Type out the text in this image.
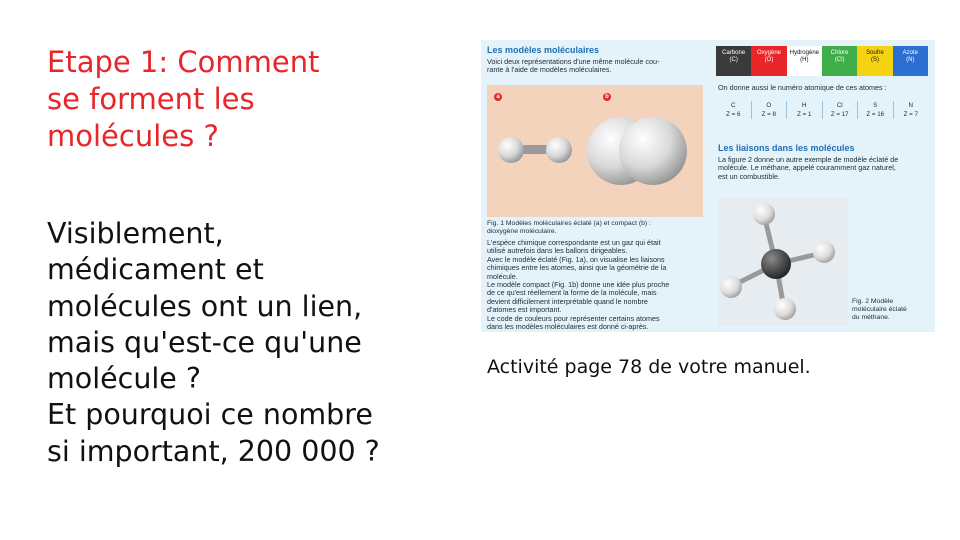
Etape 1: Comment
se forment les
molécules ?
Visiblement,
médicament et
molécules ont un lien,
mais qu'est-ce qu'une
molécule ?
Et pourquoi ce nombre
si important, 200 000 ?
Les modèles moléculaires
Voici deux représentations d'une même molécule cou-
rante à l'aide de modèles moléculaires.
a	b
Fig. 1 Modèles moléculaires éclaté (a) et compact (b) :
dioxygène moléculaire.
L'espèce chimique correspondante est un gaz qui était
utilisé autrefois dans les ballons dirigeables.
Avec le modèle éclaté (Fig. 1a), on visualise les liaisons
chimiques entre les atomes, ainsi que la géométrie de la
molécule.
Le modèle compact (Fig. 1b) donne une idée plus proche
de ce qu'est réellement la forme de la molécule, mais
devient difficilement interprétable quand le nombre
d'atomes est important.
Le code de couleurs pour représenter certains atomes
dans les modèles moléculaires est donné ci-après.
Carbone
(C)
Oxygène
(O)
Hydrogène
(H)
Chlore
(Cl)
Soufre
(S)
Azote
(N)
On donne aussi le numéro atomique de ces atomes :
C
Z = 6
O
Z = 8
H
Z = 1
Cl
Z = 17
S
Z = 16
N
Z = 7
Les liaisons dans les molécules
La figure 2 donne un autre exemple de modèle éclaté de
molécule. Le méthane, appelé couramment gaz naturel,
est un combustible.
Fig. 2 Modèle
moléculaire éclaté
du méthane.
Activité page 78 de votre manuel.
